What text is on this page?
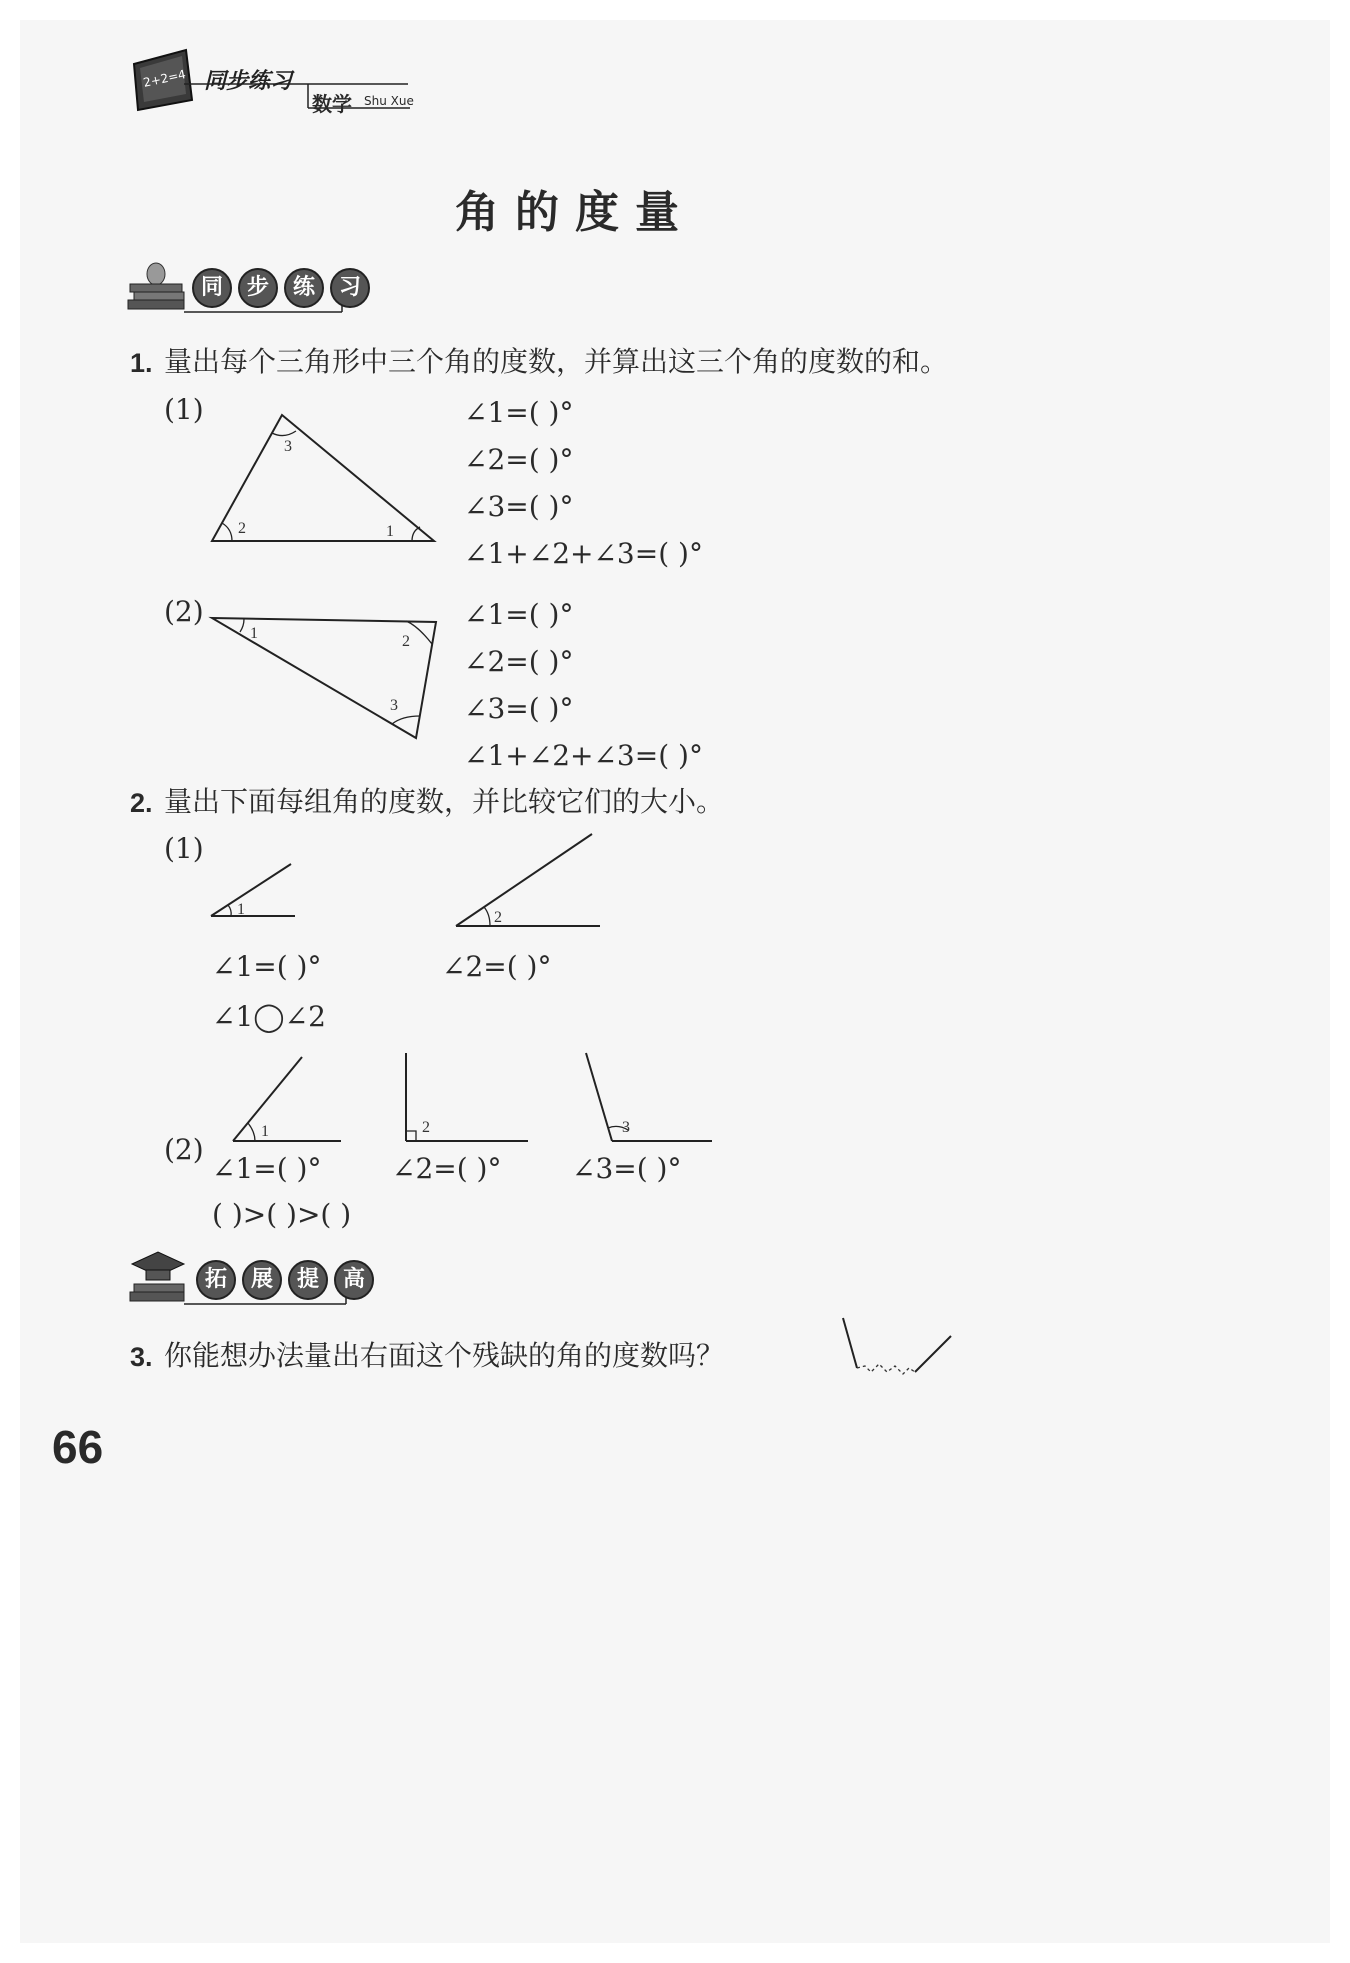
2+2=4 同步练习
数学 Shu Xue
角的度量
同 步 练 习
1. 量出每个三角形中三个角的度数，并算出这三个角的度数的和。
(1)
3
2	1
∠1=( )°
∠2=( )°
∠3=( )°
∠1+∠2+∠3=( )°
(2)
1	2
3
∠1=( )°
∠2=( )°
∠3=( )°
∠1+∠2+∠3=( )°
2. 量出下面每组角的度数，并比较它们的大小。
(1)
1	2
∠1=( )°	∠2=( )°
∠1◯∠2
(2)
1	2	3
∠1=( )°	∠2=( )°	∠3=( )°
( )>( )>( )
拓 展 提 高
3. 你能想办法量出右面这个残缺的角的度数吗？
66
